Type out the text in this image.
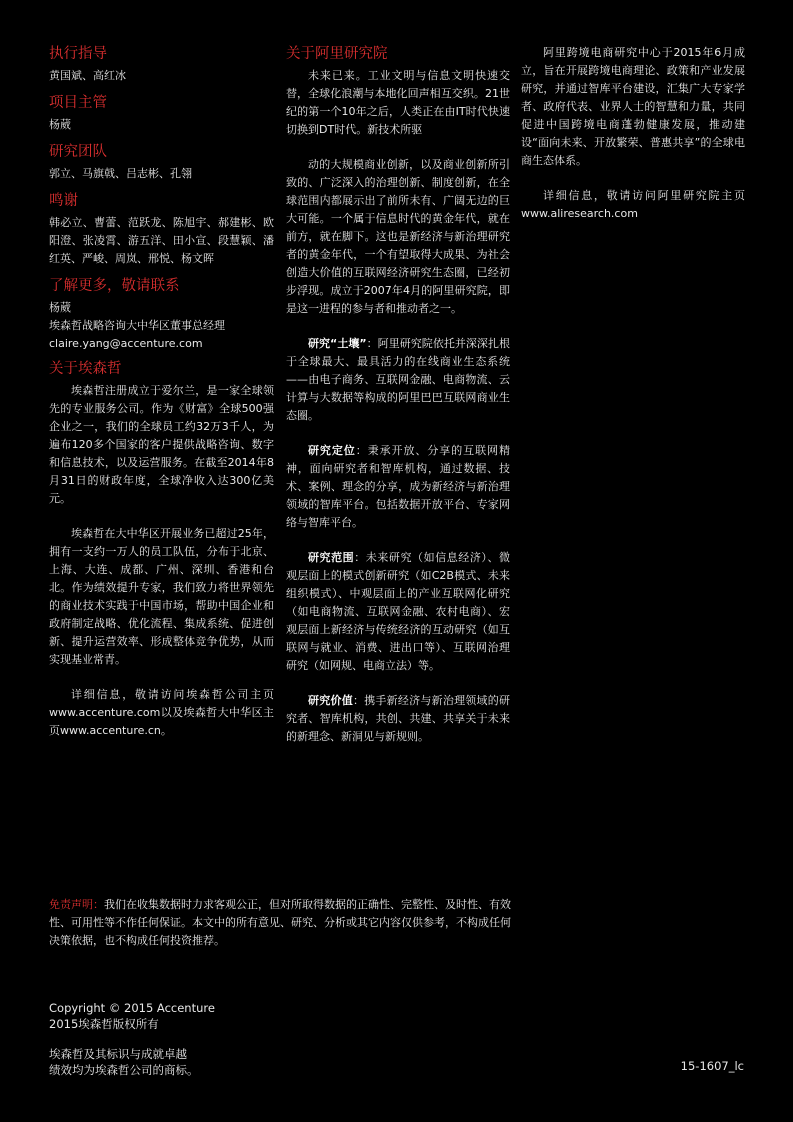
执行指导

黄国斌、高红冰

项目主管

杨葳

研究团队

郭立、马旗戟、吕志彬、孔翎

鸣谢

韩必立、曹蕾、范跃龙、陈旭宇、郝建彬、欧阳澄、张凌霄、游五洋、田小宣、段慧颖、潘红英、严峻、周岚、邢悦、杨文晖

了解更多，敬请联系

杨葳
埃森哲战略咨询大中华区董事总经理
claire.yang@accenture.com

关于埃森哲

埃森哲注册成立于爱尔兰，是一家全球领先的专业服务公司。作为《财富》全球500强企业之一，我们的全球员工约32万3千人，为遍布120多个国家的客户提供战略咨询、数字和信息技术，以及运营服务。在截至2014年8月31日的财政年度，全球净收入达300亿美元。

埃森哲在大中华区开展业务已超过25年，拥有一支约一万人的员工队伍，分布于北京、上海、大连、成都、广州、深圳、香港和台北。作为绩效提升专家，我们致力将世界领先的商业技术实践于中国市场，帮助中国企业和政府制定战略、优化流程、集成系统、促进创新、提升运营效率、形成整体竞争优势，从而实现基业常青。

详细信息，敬请访问埃森哲公司主页www.accenture.com以及埃森哲大中华区主页www.accenture.cn。

关于阿里研究院

未来已来。工业文明与信息文明快速交替，全球化浪潮与本地化回声相互交织。21世纪的第一个10年之后，人类正在由IT时代快速切换到DT时代。新技术所驱

动的大规模商业创新，以及商业创新所引致的、广泛深入的治理创新、制度创新，在全球范围内都展示出了前所未有、广阔无边的巨大可能。一个属于信息时代的黄金年代，就在前方，就在脚下。这也是新经济与新治理研究者的黄金年代，一个有望取得大成果、为社会创造大价值的互联网经济研究生态圈，已经初步浮现。成立于2007年4月的阿里研究院，即是这一进程的参与者和推动者之一。

研究“土壤”：阿里研究院依托并深深扎根于全球最大、最具活力的在线商业生态系统——由电子商务、互联网金融、电商物流、云计算与大数据等构成的阿里巴巴互联网商业生态圈。

研究定位：秉承开放、分享的互联网精神，面向研究者和智库机构，通过数据、技术、案例、理念的分享，成为新经济与新治理领域的智库平台。包括数据开放平台、专家网络与智库平台。

研究范围：未来研究（如信息经济）、微观层面上的模式创新研究（如C2B模式、未来组织模式）、中观层面上的产业互联网化研究（如电商物流、互联网金融、农村电商）、宏观层面上新经济与传统经济的互动研究（如互联网与就业、消费、进出口等）、互联网治理研究（如网规、电商立法）等。

研究价值：携手新经济与新治理领域的研究者、智库机构，共创、共建、共享关于未来的新理念、新洞见与新规则。

阿里跨境电商研究中心于2015年6月成立，旨在开展跨境电商理论、政策和产业发展研究，并通过智库平台建设，汇集广大专家学者、政府代表、业界人士的智慧和力量，共同促进中国跨境电商蓬勃健康发展，推动建设“面向未来、开放繁荣、普惠共享”的全球电商生态体系。

详细信息，敬请访问阿里研究院主页www.aliresearch.com

免责声明：我们在收集数据时力求客观公正，但对所取得数据的正确性、完整性、及时性、有效性、可用性等不作任何保证。本文中的所有意见、研究、分析或其它内容仅供参考，不构成任何决策依据，也不构成任何投资推荐。
Copyright © 2015 Accenture
2015埃森哲版权所有
埃森哲及其标识与成就卓越
绩效均为埃森哲公司的商标。	15-1607_lc
